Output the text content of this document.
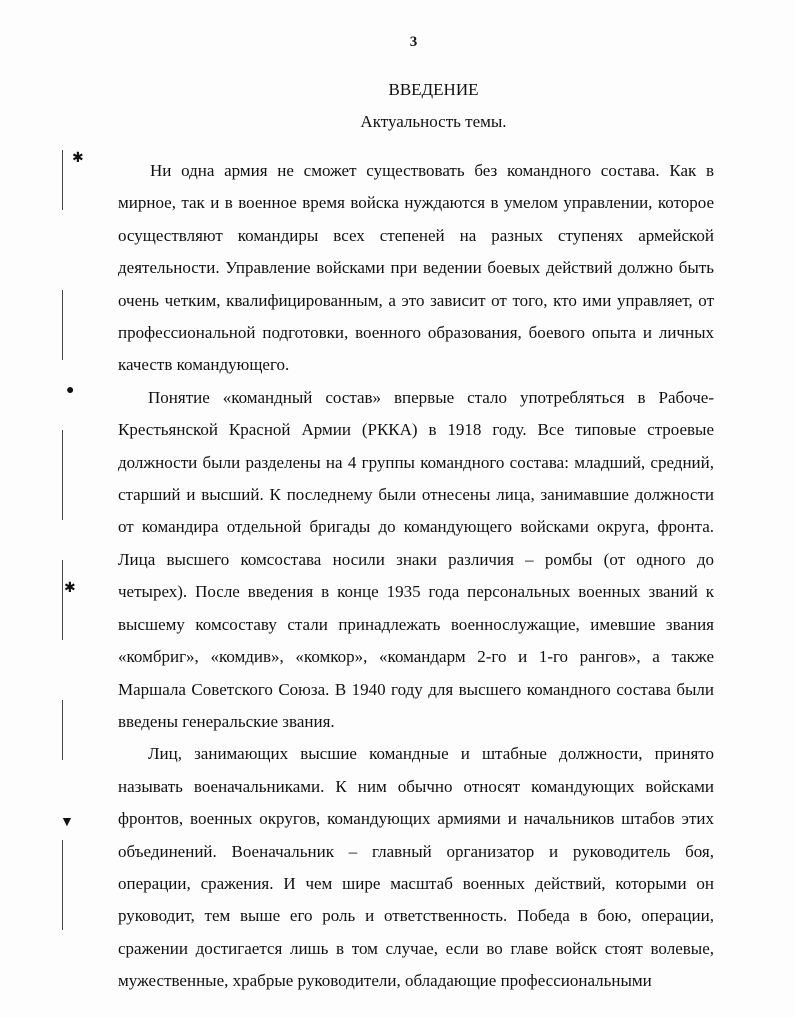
✱
●
✱
▼
3
ВВЕДЕНИЕ
Актуальность темы.

Ни одна армия не сможет существовать без командного состава. Как в мирное, так и в военное время войска нуждаются в умелом управлении, которое осуществляют командиры всех степеней на разных ступенях армейской деятельности. Управление войсками при ведении боевых действий должно быть очень четким, квалифицированным, а это зависит от того, кто ими управляет, от профессиональной подготовки, военного образования, боевого опыта и личных качеств командующего.

Понятие «командный состав» впервые стало употребляться в Рабоче-Крестьянской Красной Армии (РККА) в 1918 году. Все типовые строевые должности были разделены на 4 группы командного состава: младший, средний, старший и высший. К последнему были отнесены лица, занимавшие должности от командира отдельной бригады до командующего войсками округа, фронта. Лица высшего комсостава носили знаки различия – ромбы (от одного до четырех). После введения в конце 1935 года персональных военных званий к высшему комсоставу стали принадлежать военнослужащие, имевшие звания «комбриг», «комдив», «комкор», «командарм 2-го и 1-го рангов», а также Маршала Советского Союза. В 1940 году для высшего командного состава были введены генеральские звания.

Лиц, занимающих высшие командные и штабные должности, принято называть военачальниками. К ним обычно относят командующих войсками фронтов, военных округов, командующих армиями и начальников штабов этих объединений. Военачальник – главный организатор и руководитель боя, операции, сражения. И чем шире масштаб военных действий, которыми он руководит, тем выше его роль и ответственность. Победа в бою, операции, сражении достигается лишь в том случае, если во главе войск стоят волевые, мужественные, храбрые руководители, обладающие профессиональными
